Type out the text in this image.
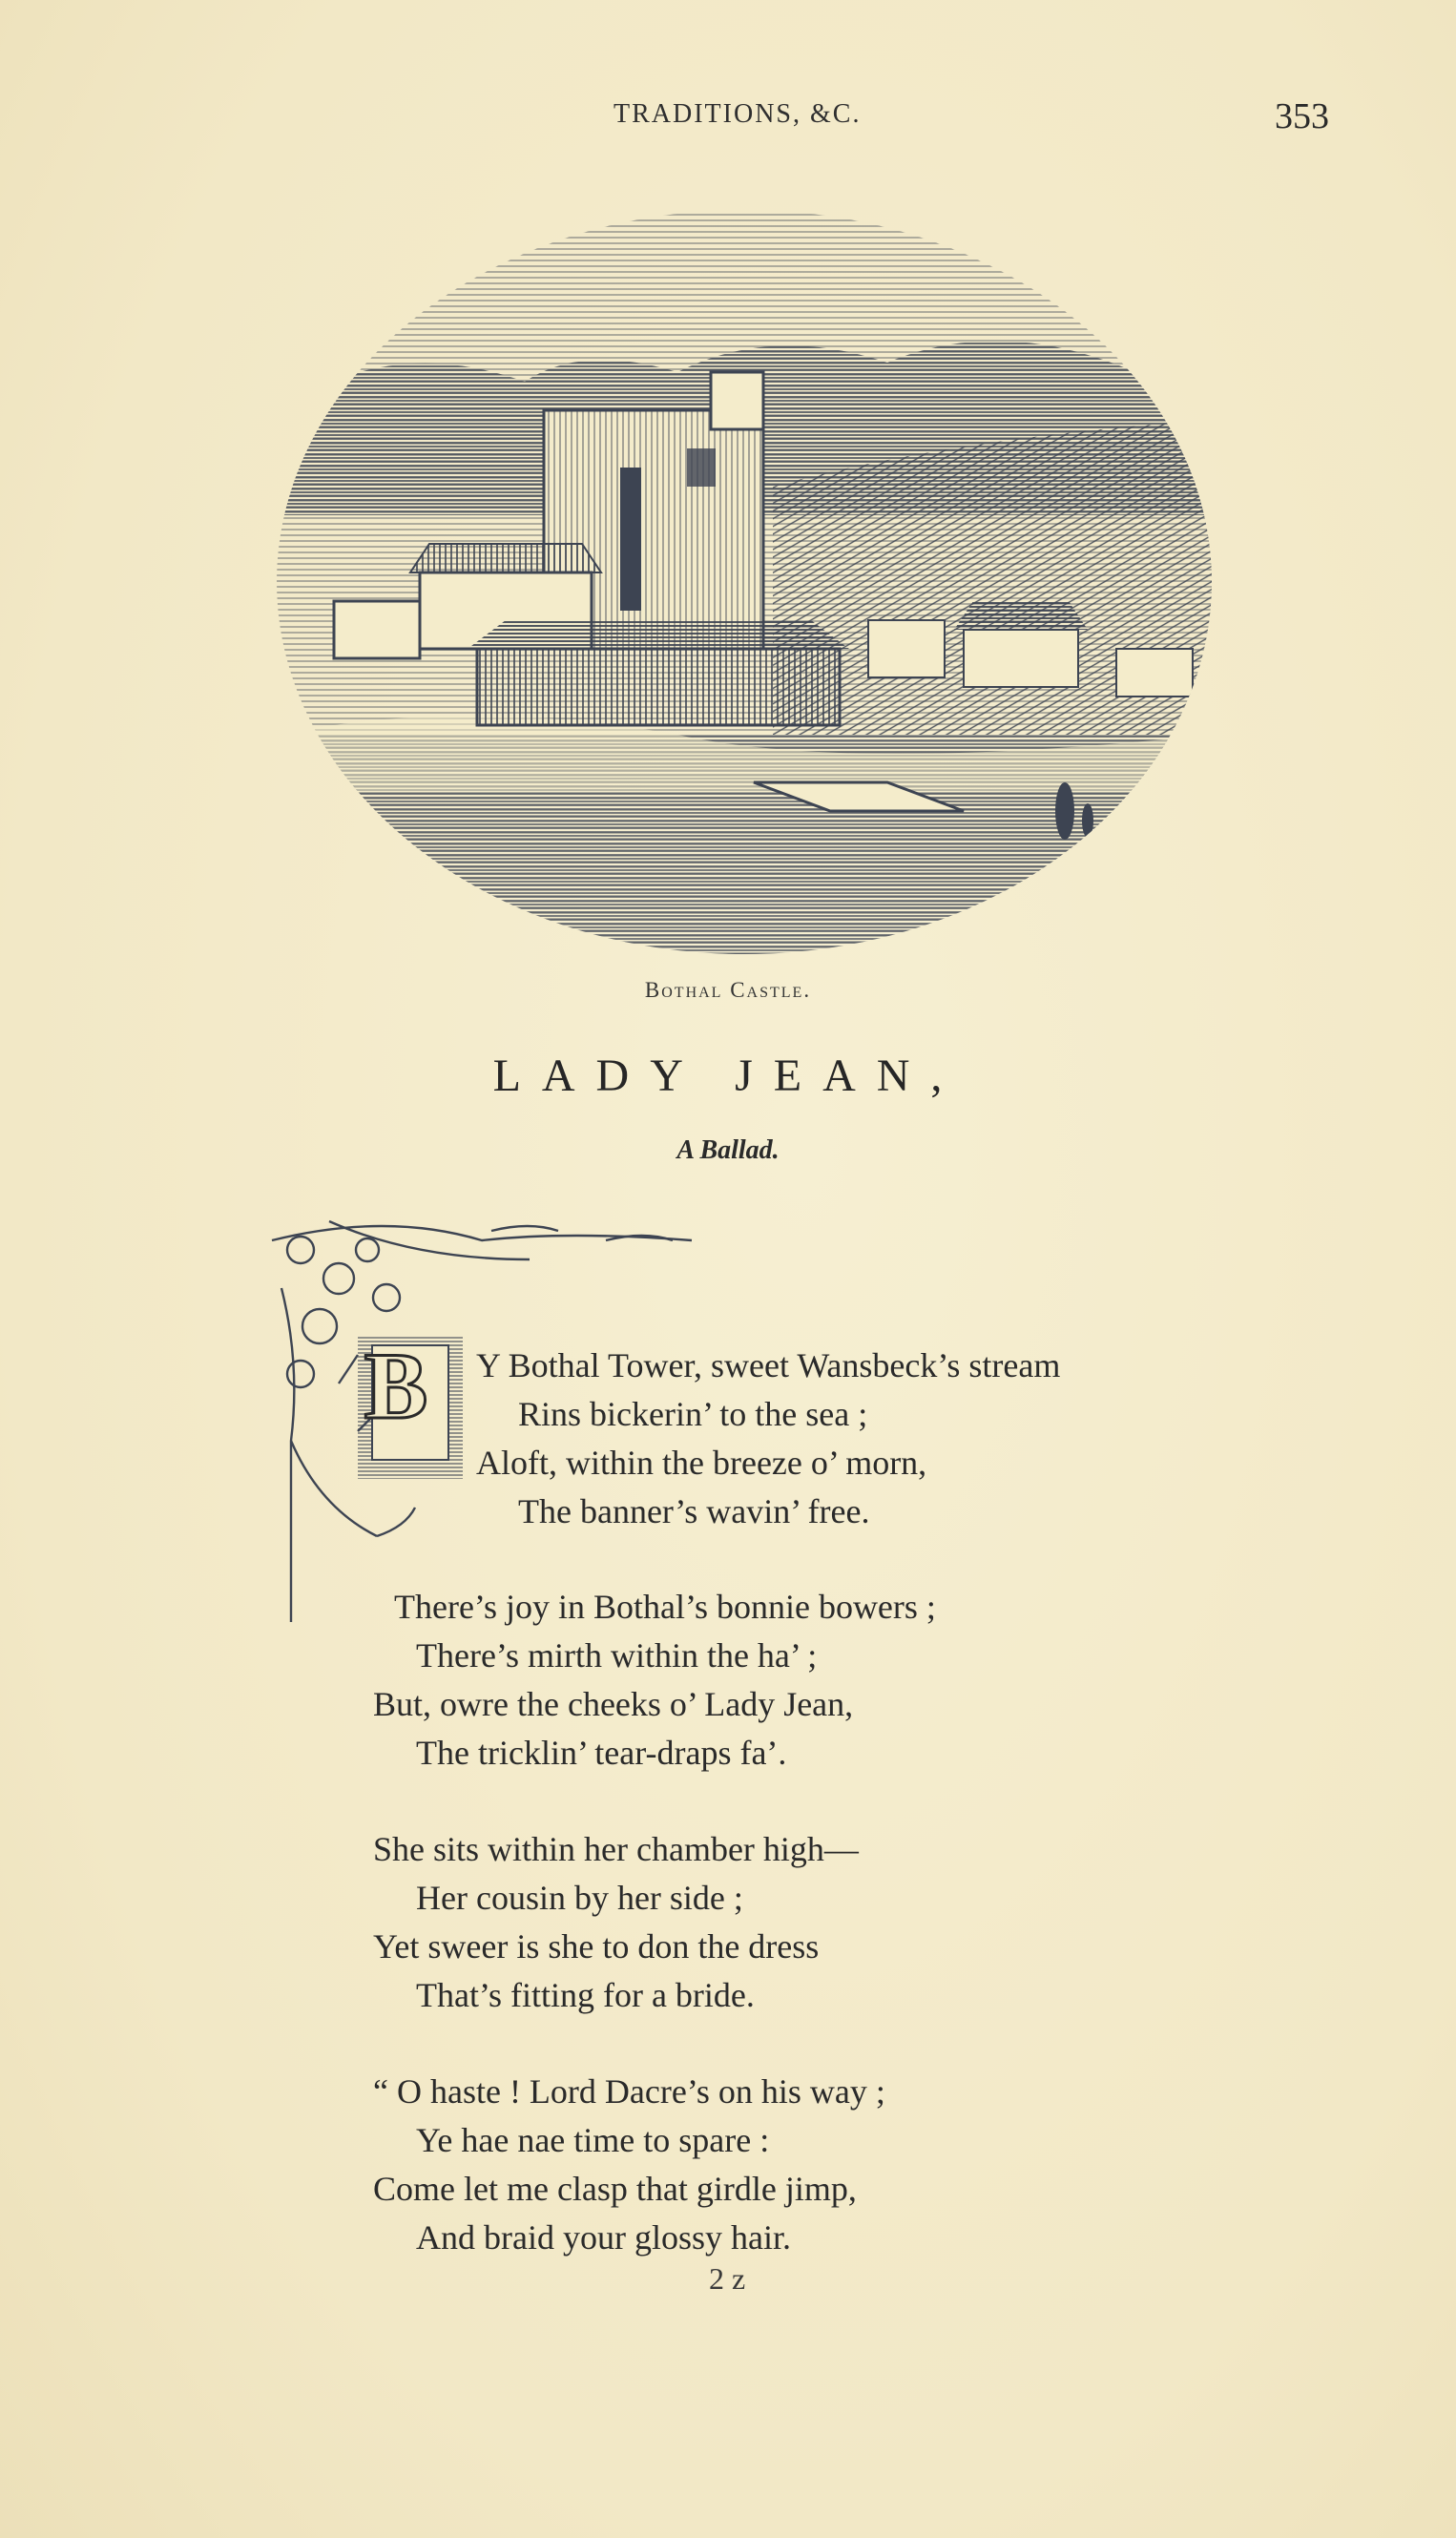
TRADITIONS, &C.	353
Bothal Castle.
LADY JEAN,
A Ballad.
B Y Bothal Tower, sweet Wansbeck’s stream
Rins bickerin’ to the sea ;
Aloft, within the breeze o’ morn,
The banner’s wavin’ free.
There’s joy in Bothal’s bonnie bowers ;
There’s mirth within the ha’ ;
But, owre the cheeks o’ Lady Jean,
The tricklin’ tear-draps fa’.
She sits within her chamber high—
Her cousin by her side ;
Yet sweer is she to don the dress
That’s fitting for a bride.
“ O haste ! Lord Dacre’s on his way ;
Ye hae nae time to spare :
Come let me clasp that girdle jimp,
And braid your glossy hair.
2 z
